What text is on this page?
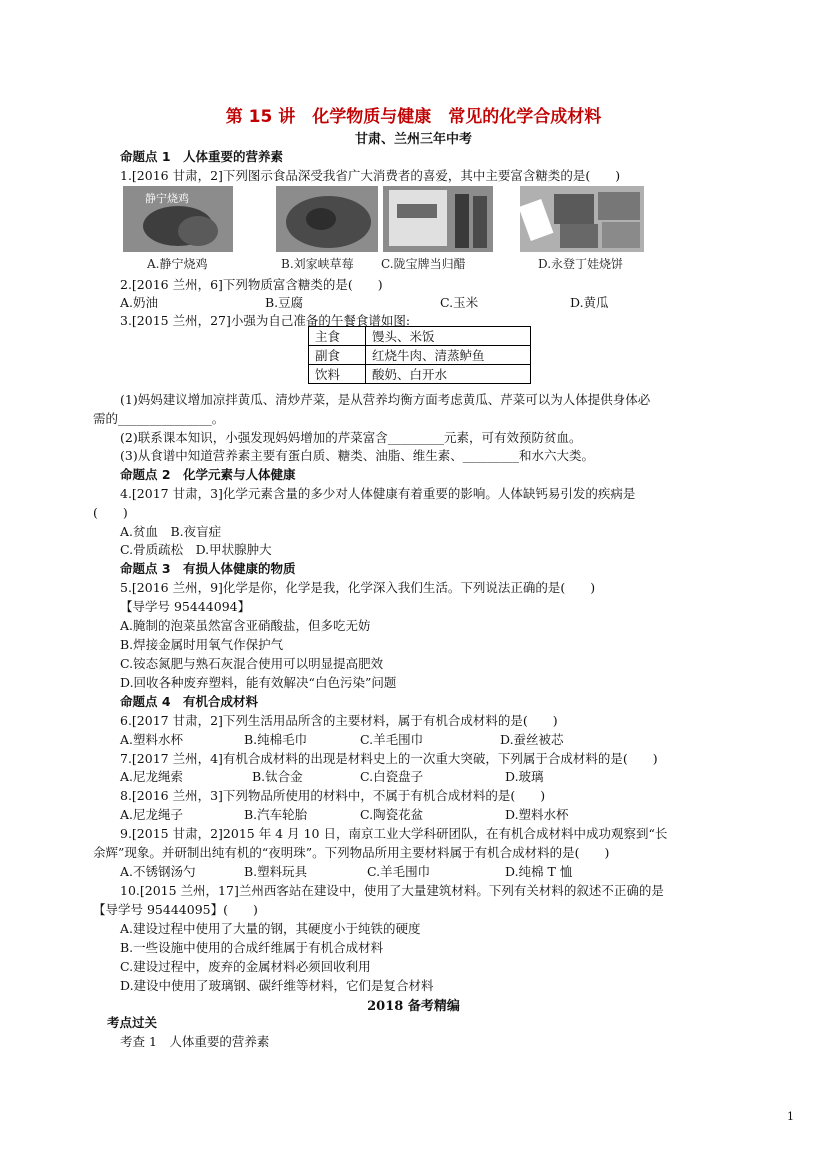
第 15 讲　化学物质与健康　常见的化学合成材料
甘肃、兰州三年中考
命题点 1　人体重要的营养素
1.[2016 甘肃，2]下列图示食品深受我省广大消费者的喜爱，其中主要富含糖类的是(　　)
静宁烧鸡
A.静宁烧鸡	B.刘家峡草莓 C.陇宝牌当归醋	D.永登丁娃烧饼
2.[2016 兰州，6]下列物质富含糖类的是(　　)
A.奶油	B.豆腐	C.玉米	D.黄瓜
3.[2015 兰州，27]小强为自己准备的午餐食谱如图:
主食	馒头、米饭
副食	红烧牛肉、清蒸鲈鱼
饮料	酸奶、白开水
(1)妈妈建议增加凉拌黄瓜、清炒芹菜，是从营养均衡方面考虑黄瓜、芹菜可以为人体提供身体必
需的_______________。
(2)联系课本知识，小强发现妈妈增加的芹菜富含_________元素，可有效预防贫血。
(3)从食谱中知道营养素主要有蛋白质、糖类、油脂、维生素、_________和水六大类。
命题点 2　化学元素与人体健康
4.[2017 甘肃，3]化学元素含量的多少对人体健康有着重要的影响。人体缺钙易引发的疾病是
(　　)
A.贫血　B.夜盲症
C.骨质疏松　D.甲状腺肿大
命题点 3　有损人体健康的物质
5.[2016 兰州，9]化学是你，化学是我，化学深入我们生活。下列说法正确的是(　　)
【导学号 95444094】
A.腌制的泡菜虽然富含亚硝酸盐，但多吃无妨
B.焊接金属时用氧气作保护气
C.铵态氮肥与熟石灰混合使用可以明显提高肥效
D.回收各种废弃塑料，能有效解决“白色污染”问题
命题点 4　有机合成材料
6.[2017 甘肃，2]下列生活用品所含的主要材料，属于有机合成材料的是(　　)
A.塑料水杯	B.纯棉毛巾	C.羊毛围巾	D.蚕丝被芯
7.[2017 兰州，4]有机合成材料的出现是材料史上的一次重大突破，下列属于合成材料的是(　　)
A.尼龙绳索	B.钛合金	C.白瓷盘子	D.玻璃
8.[2016 兰州，3]下列物品所使用的材料中，不属于有机合成材料的是(　　)
A.尼龙绳子	B.汽车轮胎	C.陶瓷花盆	D.塑料水杯
9.[2015 甘肃，2]2015 年 4 月 10 日，南京工业大学科研团队，在有机合成材料中成功观察到“长
余辉”现象。并研制出纯有机的“夜明珠”。下列物品所用主要材料属于有机合成材料的是(　　)
A.不锈钢汤勺	B.塑料玩具	C.羊毛围巾	D.纯棉 T 恤
10.[2015 兰州，17]兰州西客站在建设中，使用了大量建筑材料。下列有关材料的叙述不正确的是
【导学号 95444095】(　　)
A.建设过程中使用了大量的钢，其硬度小于纯铁的硬度
B.一些设施中使用的合成纤维属于有机合成材料
C.建设过程中，废弃的金属材料必须回收利用
D.建设中使用了玻璃钢、碳纤维等材料，它们是复合材料
2018 备考精编
考点过关
考查 1　人体重要的营养素
1
